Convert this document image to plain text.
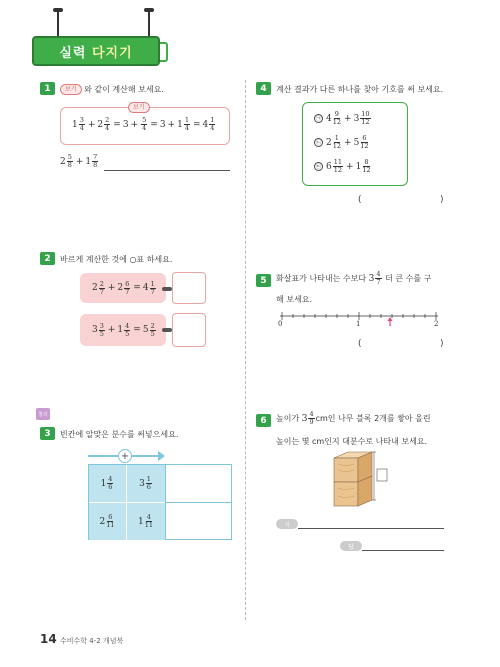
실력
다지기
1	보기 와 같이 계산해 보세요.
보기
$1 \frac{3}{4} + 2 \frac{2}{4} = 3 + \frac{5}{4} = 3 + 1 \frac{1}{4} = 4 \frac{1}{4}$
$2 \frac{5}{8} + 1 \frac{7}{8}$
2	바르게 계산한 것에 ○표 하세요.
$2 \frac{2}{7} + 2 \frac{6}{7} = 4 \frac{1}{7}$
$3 \frac{3}{5} + 1 \frac{4}{5} = 5 \frac{2}{5}$
창의
3	빈칸에 알맞은 분수를 써넣으세요.
+
$1 \frac{4}{6}$	$3 \frac{1}{6}$
$2 \frac{6}{11}$	$1 \frac{4}{11}$
4	계산 결과가 다른 하나를 찾아 기호를 써 보세요.
㉠ $4 \frac{9}{12} + 3 \frac{10}{12}$
㉡ $2 \frac{1}{12} + 5 \frac{6}{12}$
㉢ $6 \frac{11}{12} + 1 \frac{8}{12}$
(	)
5	화살표가 나타내는 수보다
$3 \frac{4}{7}$
더 큰 수를 구
해 보세요.
0	1	2
1
(	)
6	높이가
$3 \frac{4}{9}$ cm인 나무 블록 2개를 쌓아 올린
높이는 몇 cm인지 대분수로 나타내 보세요.
식
답
14 수비수학 4-2 개념북
